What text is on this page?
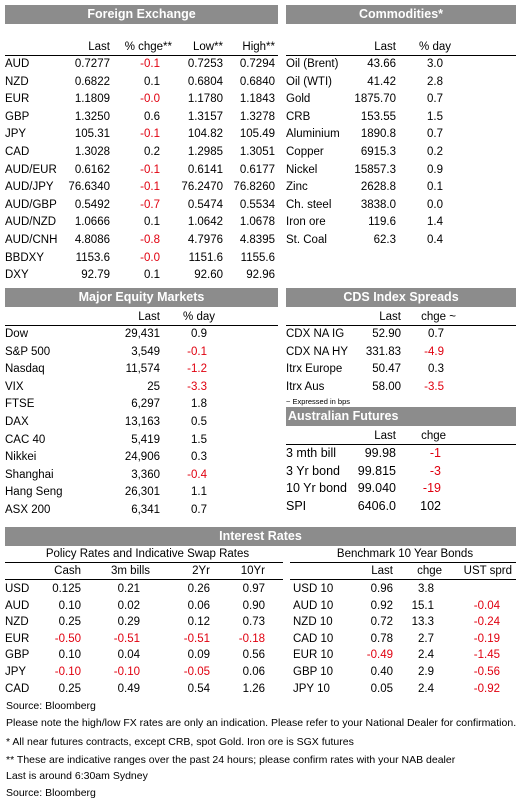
Foreign Exchange
Last	% chge**	Low**	High**
AUD	0.7277	-0.1	0.7253	0.7294
NZD	0.6822	0.1	0.6804	0.6840
EUR	1.1809	-0.0	1.1780	1.1843
GBP	1.3250	0.6	1.3157	1.3278
JPY	105.31	-0.1	104.82	105.49
CAD	1.3028	0.2	1.2985	1.3051
AUD/EUR	0.6162	-0.1	0.6141	0.6177
AUD/JPY	76.6340	-0.1	76.2470 76.8260
AUD/GBP	0.5492	-0.7	0.5474	0.5534
AUD/NZD	1.0666	0.1	1.0642	1.0678
AUD/CNH	4.8086	-0.8	4.7976	4.8395
BBDXY	1153.6	-0.0	1151.6	1155.6
DXY	92.79	0.1	92.60	92.96
Commodities*
Last	% day
Oil (Brent)	43.66	3.0
Oil (WTI)	41.42	2.8
Gold	1875.70	0.7
CRB	153.55	1.5
Aluminium	1890.8	0.7
Copper	6915.3	0.2
Nickel	15857.3	0.9
Zinc	2628.8	0.1
Ch. steel	3838.0	0.0
Iron ore	119.6	1.4
St. Coal	62.3	0.4
Major Equity Markets
Last	% day
Dow	29,431	0.9
S&P 500	3,549	-0.1
Nasdaq	11,574	-1.2
VIX	25	-3.3
FTSE	6,297	1.8
DAX	13,163	0.5
CAC 40	5,419	1.5
Nikkei	24,906	0.3
Shanghai	3,360	-0.4
Hang Seng	26,301	1.1
ASX 200	6,341	0.7
CDS Index Spreads
Last	chge ~
~ Expressed in bps
CDX NA IG	52.90	0.7
CDX NA HY	331.83	-4.9
Itrx Europe	50.47	0.3
Itrx Aus	58.00	-3.5
Australian Futures
Last	chge
3 mth bill	99.98	-1
3 Yr bond	99.815	-3
10 Yr bond 99.040	-19
SPI	6406.0	102
Interest Rates
Policy Rates and Indicative Swap Rates	Benchmark 10 Year Bonds
Cash	3m bills	2Yr	10Yr	Last	chge	UST sprd
USD	0.125	0.21	0.26	0.97
AUD	0.10	0.02	0.06	0.90
NZD	0.25	0.29	0.12	0.73
EUR	-0.50	-0.51	-0.51	-0.18
GBP	0.10	0.04	0.09	0.56
JPY	-0.10	-0.10	-0.05	0.06
CAD	0.25	0.49	0.54	1.26
USD 10	0.96	3.8
AUD 10	0.92	15.1	-0.04
NZD 10	0.72	13.3	-0.24
CAD 10	0.78	2.7	-0.19
EUR 10	-0.49	2.4	-1.45
GBP 10	0.40	2.9	-0.56
JPY 10	0.05	2.4	-0.92
Source: Bloomberg
Please note the high/low FX rates are only an indication. Please refer to your National Dealer for confirmation.
* All near futures contracts, except CRB, spot Gold. Iron ore is SGX futures
** These are indicative ranges over the past 24 hours; please confirm rates with your NAB dealer
Last is around 6:30am Sydney
Source: Bloomberg
